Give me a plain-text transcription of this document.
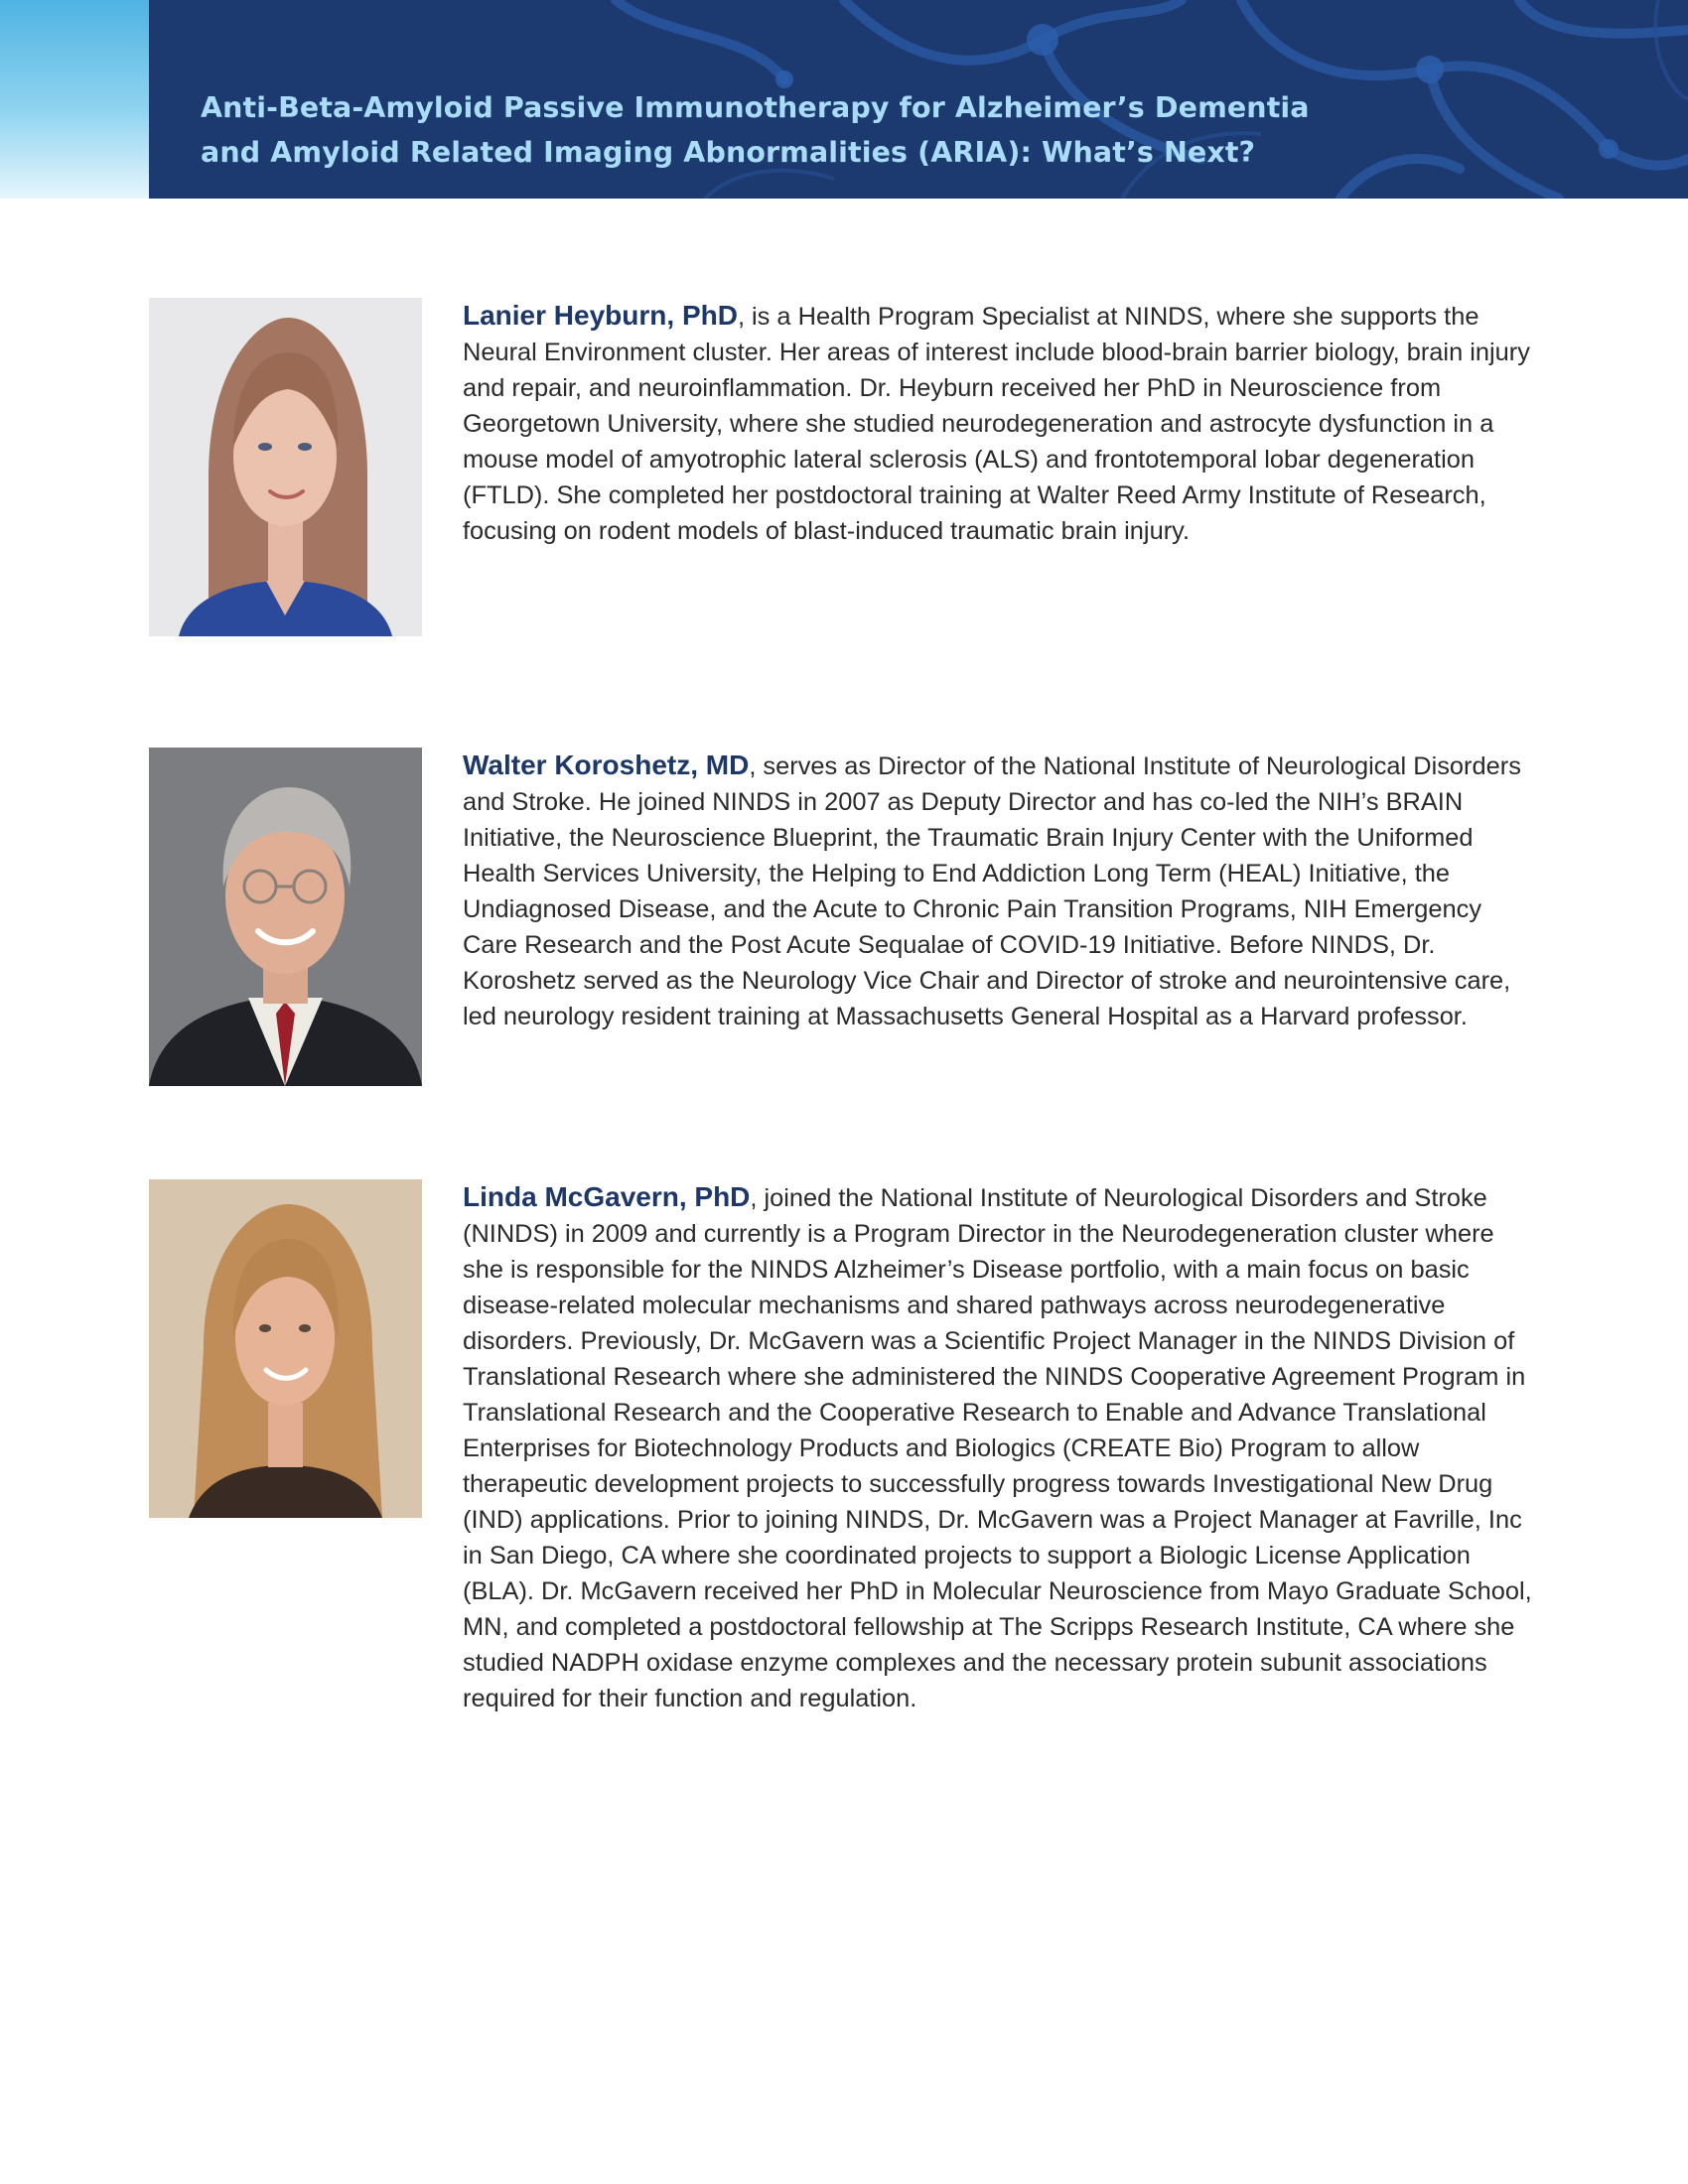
Anti-Beta-Amyloid Passive Immunotherapy for Alzheimer’s Dementia
and Amyloid Related Imaging Abnormalities (ARIA): What’s Next?

Lanier Heyburn, PhD, is a Health Program Specialist at NINDS, where she supports the Neural Environment cluster. Her areas of interest include blood-brain barrier biology, brain injury and repair, and neuroinflammation. Dr. Heyburn received her PhD in Neuroscience from Georgetown University, where she studied neurodegeneration and astrocyte dysfunction in a mouse model of amyotrophic lateral sclerosis (ALS) and frontotemporal lobar degeneration (FTLD). She completed her postdoctoral training at Walter Reed Army Institute of Research, focusing on rodent models of blast-induced traumatic brain injury.

Walter Koroshetz, MD, serves as Director of the National Institute of Neurological Disorders and Stroke. He joined NINDS in 2007 as Deputy Director and has co-led the NIH’s BRAIN Initiative, the Neuroscience Blueprint, the Traumatic Brain Injury Center with the Uniformed Health Services University, the Helping to End Addiction Long Term (HEAL) Initiative, the Undiagnosed Disease, and the Acute to Chronic Pain Transition Programs, NIH Emergency Care Research and the Post Acute Sequalae of COVID-19 Initiative. Before NINDS, Dr. Koroshetz served as the Neurology Vice Chair and Director of stroke and neurointensive care, led neurology resident training at Massachusetts General Hospital as a Harvard professor.

Linda McGavern, PhD, joined the National Institute of Neurological Disorders and Stroke (NINDS) in 2009 and currently is a Program Director in the Neurodegeneration cluster where she is responsible for the NINDS Alzheimer’s Disease portfolio, with a main focus on basic disease-related molecular mechanisms and shared pathways across neurodegenerative disorders. Previously, Dr. McGavern was a Scientific Project Manager in the NINDS Division of Translational Research where she administered the NINDS Cooperative Agreement Program in Translational Research and the Cooperative Research to Enable and Advance Translational Enterprises for Biotechnology Products and Biologics (CREATE Bio) Program to allow therapeutic development projects to successfully progress towards Investigational New Drug (IND) applications. Prior to joining NINDS, Dr. McGavern was a Project Manager at Favrille, Inc in San Diego, CA where she coordinated projects to support a Biologic License Application (BLA). Dr. McGavern received her PhD in Molecular Neuroscience from Mayo Graduate School, MN, and completed a postdoctoral fellowship at The Scripps Research Institute, CA where she studied NADPH oxidase enzyme complexes and the necessary protein subunit associations required for their function and regulation.
